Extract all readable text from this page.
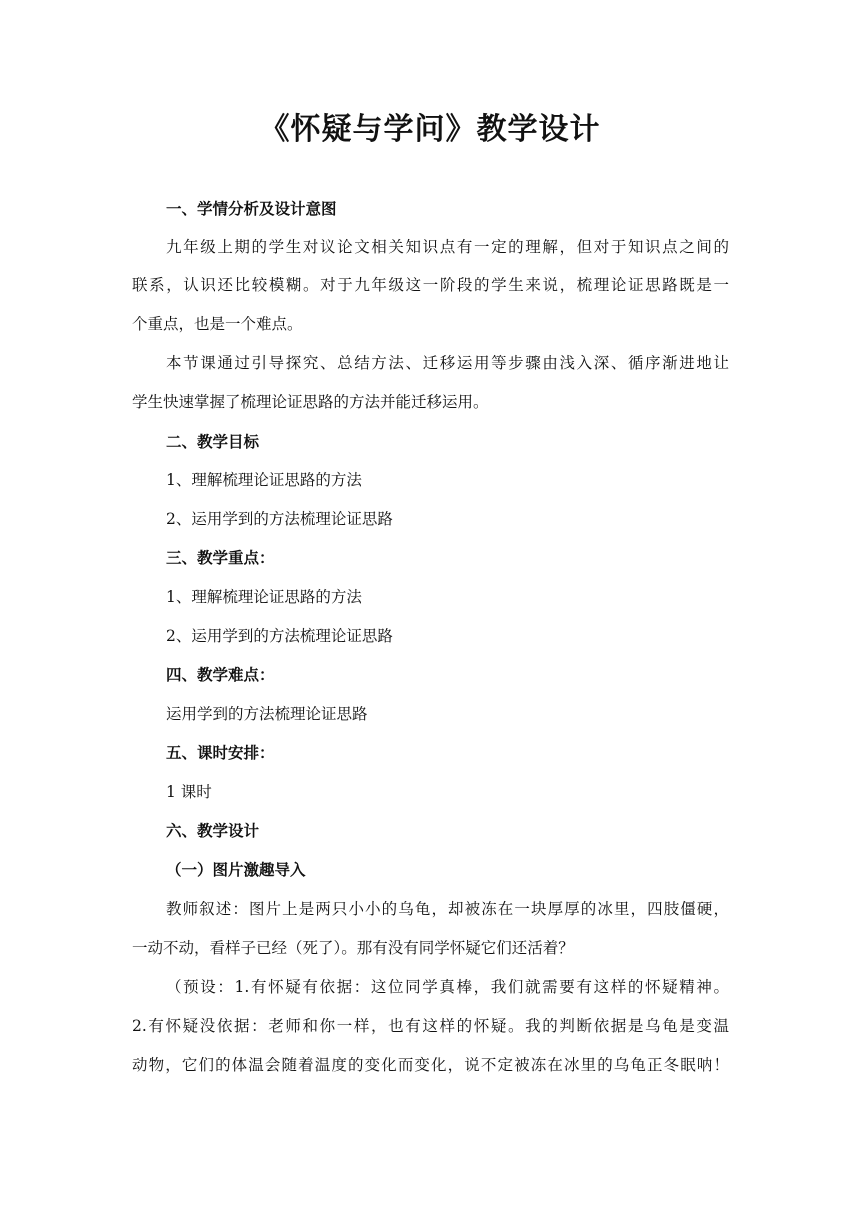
《怀疑与学问》教学设计
一、学情分析及设计意图
九年级上期的学生对议论文相关知识点有一定的理解，但对于知识点之间的
联系，认识还比较模糊。对于九年级这一阶段的学生来说，梳理论证思路既是一
个重点，也是一个难点。
本节课通过引导探究、总结方法、迁移运用等步骤由浅入深、循序渐进地让
学生快速掌握了梳理论证思路的方法并能迁移运用。
二、教学目标
1、理解梳理论证思路的方法
2、运用学到的方法梳理论证思路
三、教学重点：
1、理解梳理论证思路的方法
2、运用学到的方法梳理论证思路
四、教学难点：
运用学到的方法梳理论证思路
五、课时安排：
1 课时
六、教学设计
（一）图片激趣导入
教师叙述：图片上是两只小小的乌龟，却被冻在一块厚厚的冰里，四肢僵硬，
一动不动，看样子已经（死了）。那有没有同学怀疑它们还活着？
（预设：1.有怀疑有依据：这位同学真棒，我们就需要有这样的怀疑精神。
2.有怀疑没依据：老师和你一样，也有这样的怀疑。我的判断依据是乌龟是变温
动物，它们的体温会随着温度的变化而变化，说不定被冻在冰里的乌龟正冬眠呐！
